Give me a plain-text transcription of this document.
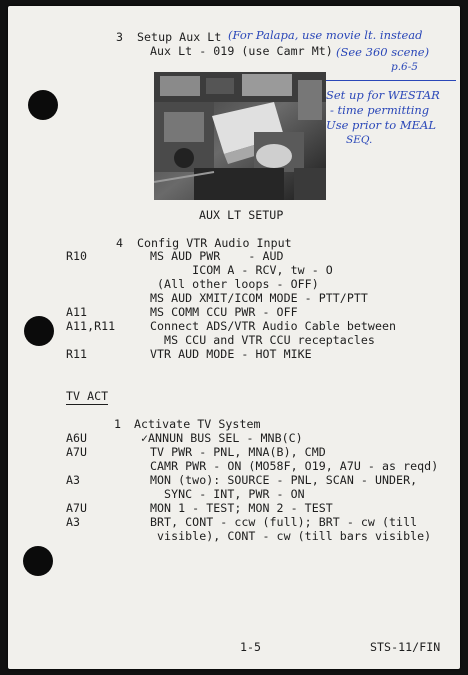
3 Setup Aux Lt
Aux Lt - 019 (use Camr Mt)
(For Palapa, use movie lt. instead
(See 360 scene)
p.6-5
Set up for WESTAR
- time permitting
Use prior to MEAL
SEQ.
AUX LT SETUP
4 Config VTR Audio Input
R10	MS AUD PWR    - AUD
ICOM A - RCV, tw - O
(All other loops - OFF)
MS AUD XMIT/ICOM MODE - PTT/PTT
A11	MS COMM CCU PWR - OFF
A11,R11	Connect ADS/VTR Audio Cable between
MS CCU and VTR CCU receptacles
R11	VTR AUD MODE - HOT MIKE
TV ACT
1 Activate TV System
A6U	✓ANNUN BUS SEL - MNB(C)
A7U	TV PWR - PNL, MNA(B), CMD
CAMR PWR - ON (MO58F, O19, A7U - as reqd)
A3	MON (two): SOURCE - PNL, SCAN - UNDER,
SYNC - INT, PWR - ON
A7U	MON 1 - TEST; MON 2 - TEST
A3	BRT, CONT - ccw (full); BRT - cw (till
visible), CONT - cw (till bars visible)
1-5	STS-11/FIN
